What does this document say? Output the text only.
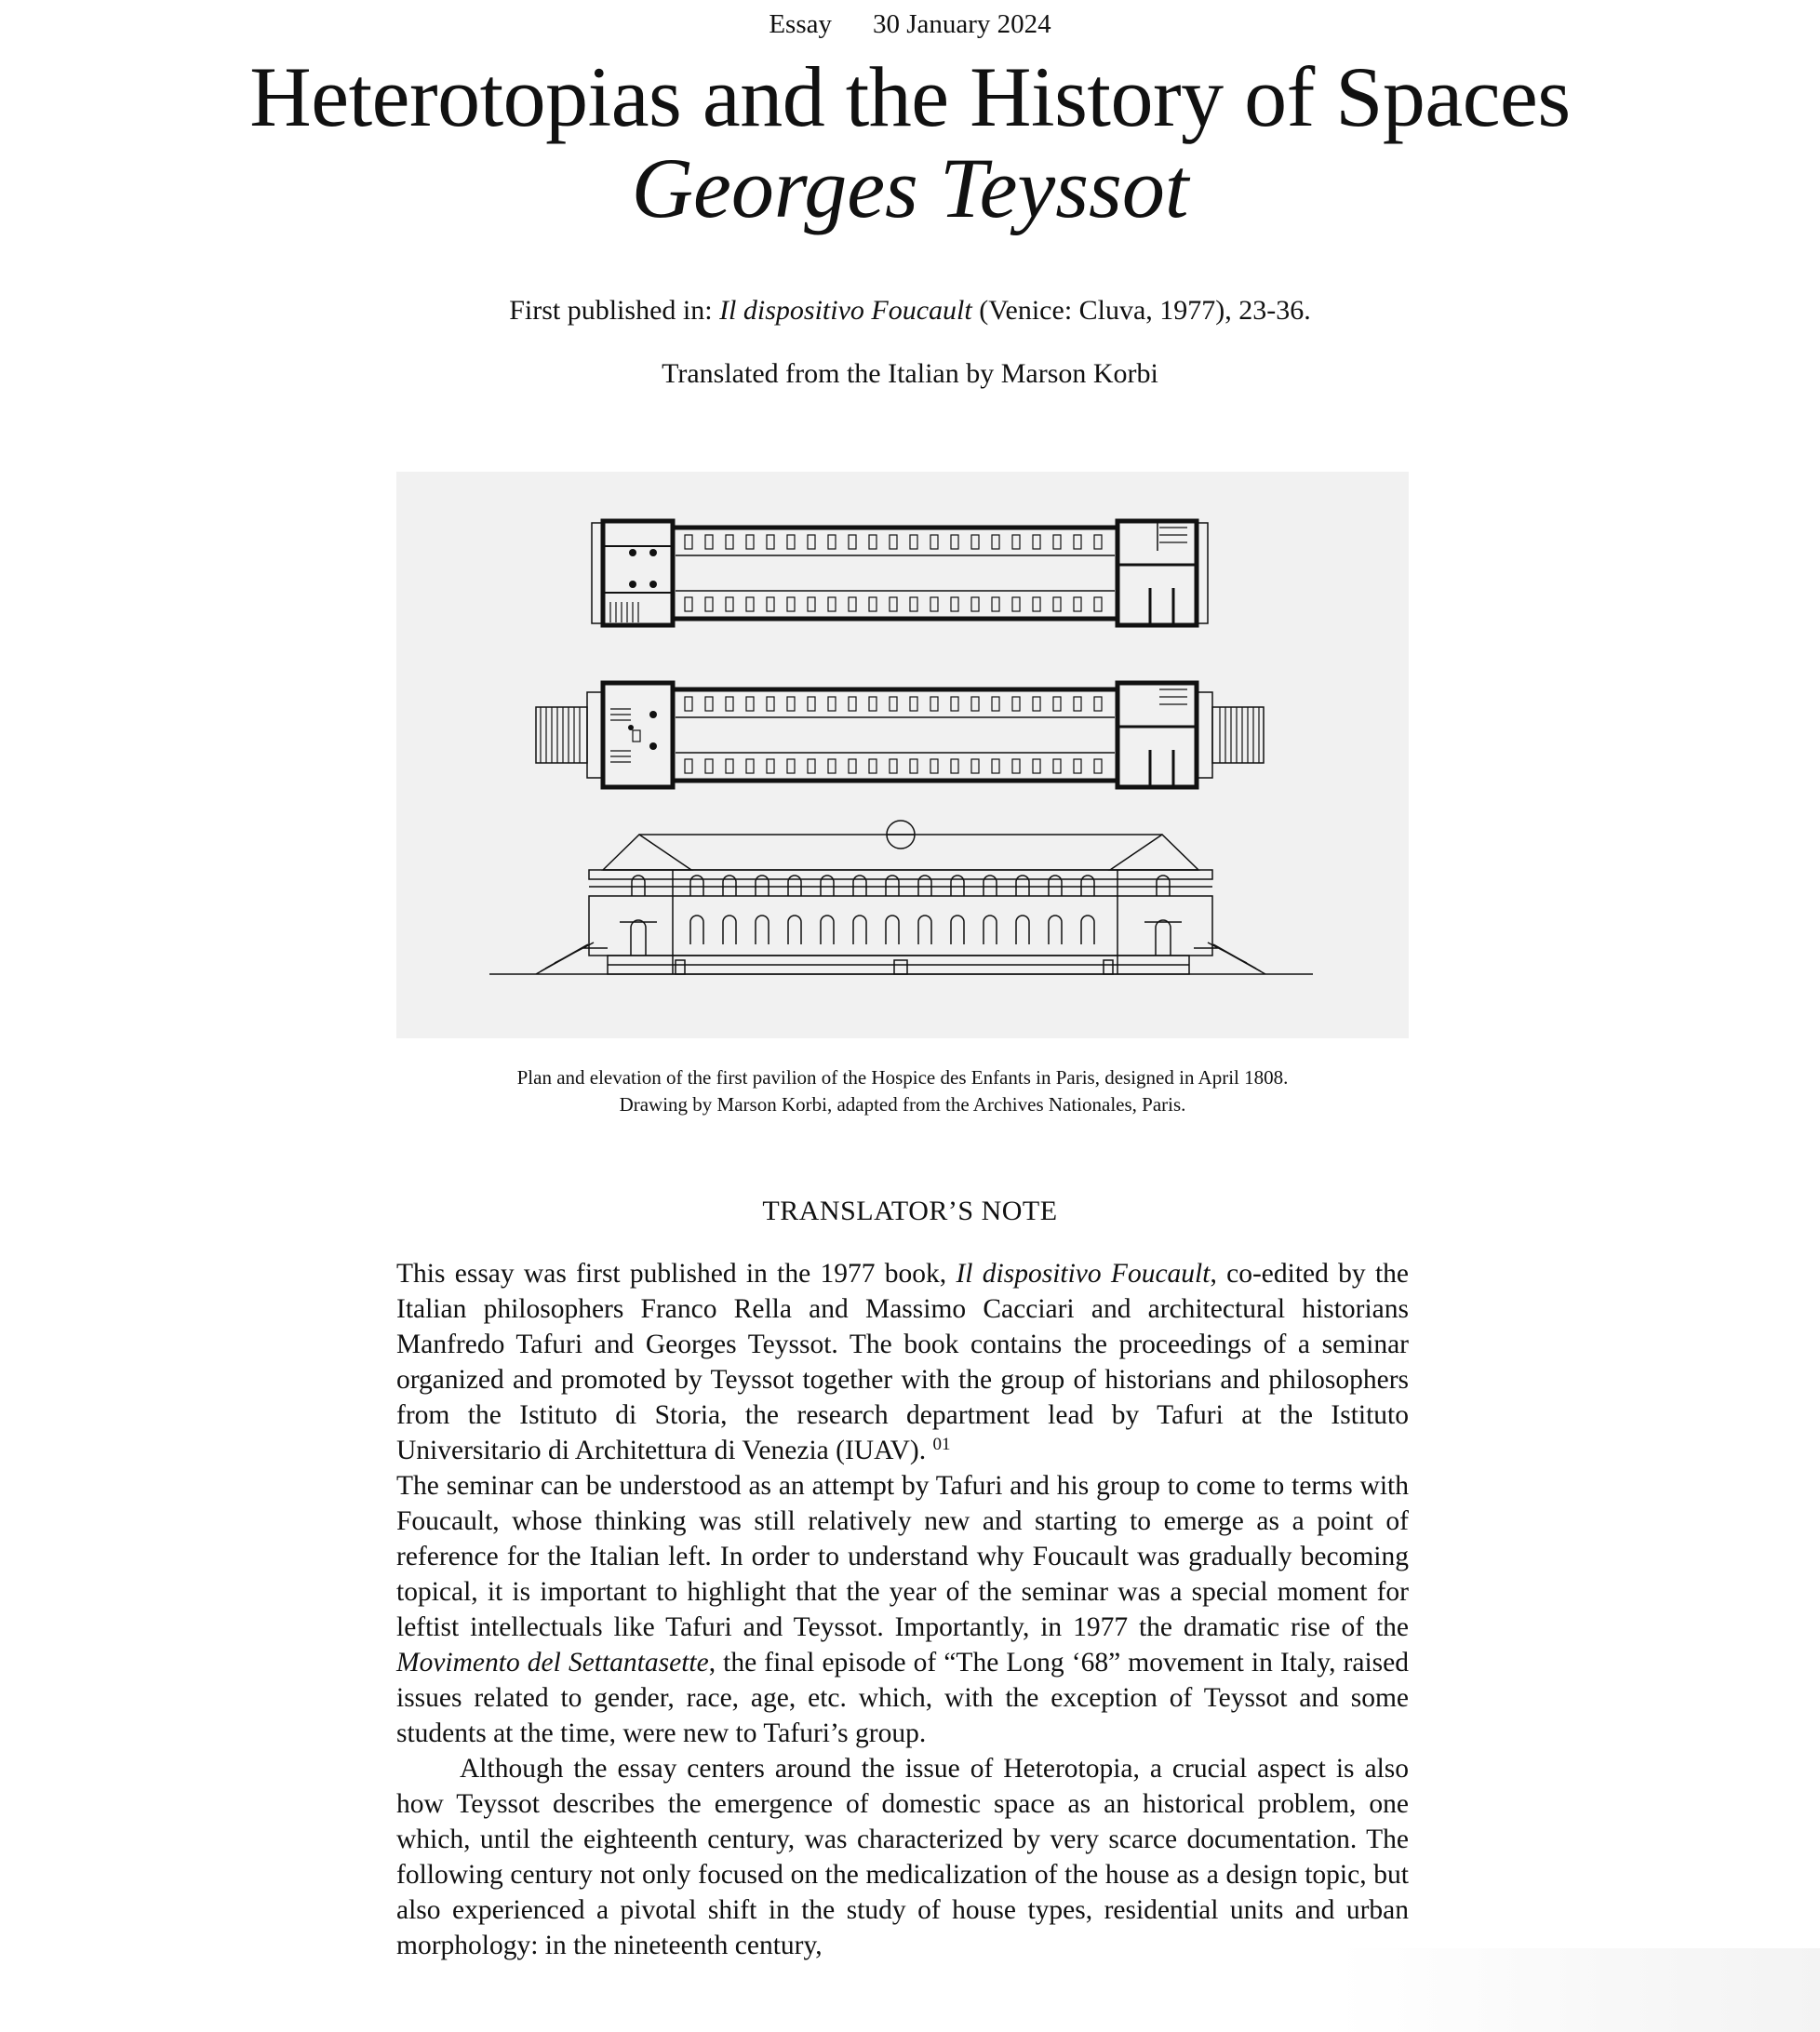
Essay 30 January 2024
Heterotopias and the History of Spaces
Georges Teyssot
First published in: Il dispositivo Foucault (Venice: Cluva, 1977), 23-36.
Translated from the Italian by Marson Korbi
Plan and elevation of the first pavilion of the Hospice des Enfants in Paris, designed in April 1808.
Drawing by Marson Korbi, adapted from the Archives Nationales, Paris.
TRANSLATOR’S NOTE

This essay was first published in the 1977 book, Il dispositivo Foucault, co-edited by the Italian philosophers Franco Rella and Massimo Cacciari and architectural historians Manfredo Tafuri and Georges Teyssot. The book contains the proceedings of a seminar organized and promoted by Teyssot together with the group of historians and philosophers from the Istituto di Storia, the research department lead by Tafuri at the Istituto Universitario di Architettura di Venezia (IUAV). $^{01}$

The seminar can be understood as an attempt by Tafuri and his group to come to terms with Foucault, whose thinking was still relatively new and starting to emerge as a point of reference for the Italian left. In order to understand why Foucault was gradually becoming topical, it is important to highlight that the year of the seminar was a special moment for leftist intellectuals like Tafuri and Teyssot. Importantly, in 1977 the dramatic rise of the Movimento del Settantasette, the final episode of “The Long ‘68” movement in Italy, raised issues related to gender, race, age, etc. which, with the exception of Teyssot and some students at the time, were new to Tafuri’s group.

Although the essay centers around the issue of Heterotopia, a crucial aspect is also how Teyssot describes the emergence of domestic space as an historical problem, one which, until the eighteenth century, was characterized by very scarce documentation. The following century not only focused on the medicalization of the house as a design topic, but also experienced a pivotal shift in the study of house types, residential units and urban morphology: in the nineteenth century,
